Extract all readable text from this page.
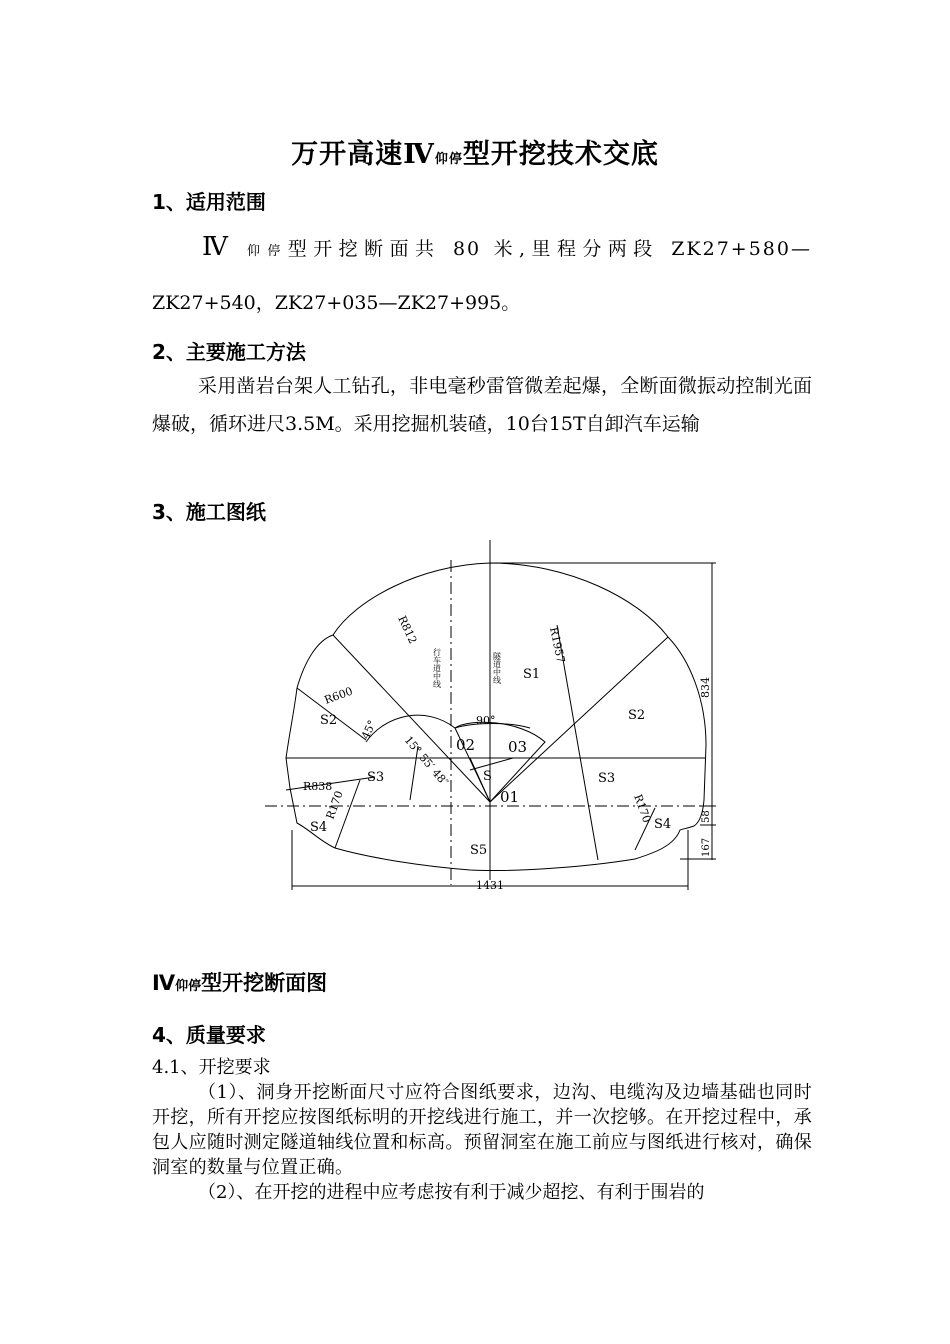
万开高速Ⅳ仰停型开挖技术交底
1、适用范围
Ⅳ 仰停型开挖断面共 80 米,里程分两段 ZK27+580—
ZK27+540，ZK27+035—ZK27+995。
2、主要施工方法
采用凿岩台架人工钻孔，非电毫秒雷管微差起爆，全断面微振动控制光面爆破，循环进尺3.5M。采用挖掘机装碴，10台15T自卸汽车运输
3、施工图纸
S1
S2	S2
S3	S3
S4	S4
S5
01
02 03
S
90°
R600
R838
R812	R1957
R170	R170
45°
15° 55′ 48″
834
58
167
1431
行车道中线	隧道中线
Ⅳ仰停型开挖断面图
4、质量要求
4.1、开挖要求
（1）、洞身开挖断面尺寸应符合图纸要求，边沟、电缆沟及边墙基础也同时开挖，所有开挖应按图纸标明的开挖线进行施工，并一次挖够。在开挖过程中，承包人应随时测定隧道轴线位置和标高。预留洞室在施工前应与图纸进行核对，确保洞室的数量与位置正确。
（2）、在开挖的进程中应考虑按有利于减少超挖、有利于围岩的
